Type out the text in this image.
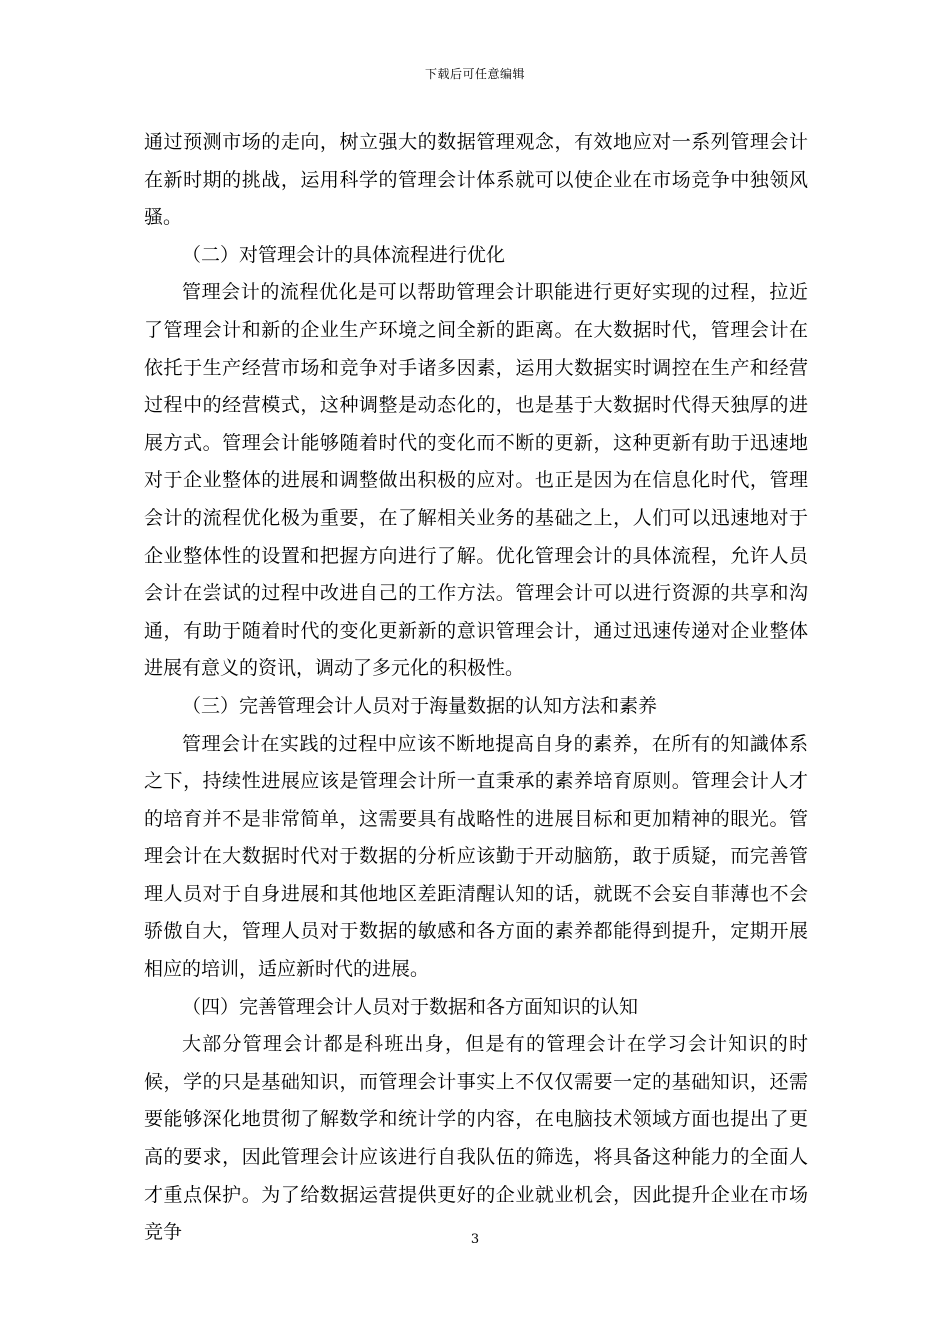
下载后可任意编辑

通过预测市场的走向，树立强大的数据管理观念，有效地应对一系列管理会计在新时期的挑战，运用科学的管理会计体系就可以使企业在市场竞争中独领风骚。

（二）对管理会计的具体流程进行优化

管理会计的流程优化是可以帮助管理会计职能进行更好实现的过程，拉近了管理会计和新的企业生产环境之间全新的距离。在大数据时代，管理会计在依托于生产经营市场和竞争对手诸多因素，运用大数据实时调控在生产和经营过程中的经营模式，这种调整是动态化的，也是基于大数据时代得天独厚的进展方式。管理会计能够随着时代的变化而不断的更新，这种更新有助于迅速地对于企业整体的进展和调整做出积极的应对。也正是因为在信息化时代，管理会计的流程优化极为重要，在了解相关业务的基础之上，人们可以迅速地对于企业整体性的设置和把握方向进行了解。优化管理会计的具体流程，允许人员会计在尝试的过程中改进自己的工作方法。管理会计可以进行资源的共享和沟通，有助于随着时代的变化更新新的意识管理会计，通过迅速传递对企业整体进展有意义的资讯，调动了多元化的积极性。

（三）完善管理会计人员对于海量数据的认知方法和素养

管理会计在实践的过程中应该不断地提高自身的素养，在所有的知識体系之下，持续性进展应该是管理会计所一直秉承的素养培育原则。管理会计人才的培育并不是非常简单，这需要具有战略性的进展目标和更加精神的眼光。管理会计在大数据时代对于数据的分析应该勤于开动脑筋，敢于质疑，而完善管理人员对于自身进展和其他地区差距清醒认知的话，就既不会妄自菲薄也不会骄傲自大，管理人员对于数据的敏感和各方面的素养都能得到提升，定期开展相应的培训，适应新时代的进展。

（四）完善管理会计人员对于数据和各方面知识的认知

大部分管理会计都是科班出身，但是有的管理会计在学习会计知识的时候，学的只是基础知识，而管理会计事实上不仅仅需要一定的基础知识，还需要能够深化地贯彻了解数学和统计学的内容，在电脑技术领域方面也提出了更高的要求，因此管理会计应该进行自我队伍的筛选，将具备这种能力的全面人才重点保护。为了给数据运营提供更好的企业就业机会，因此提升企业在市场竞争	3
